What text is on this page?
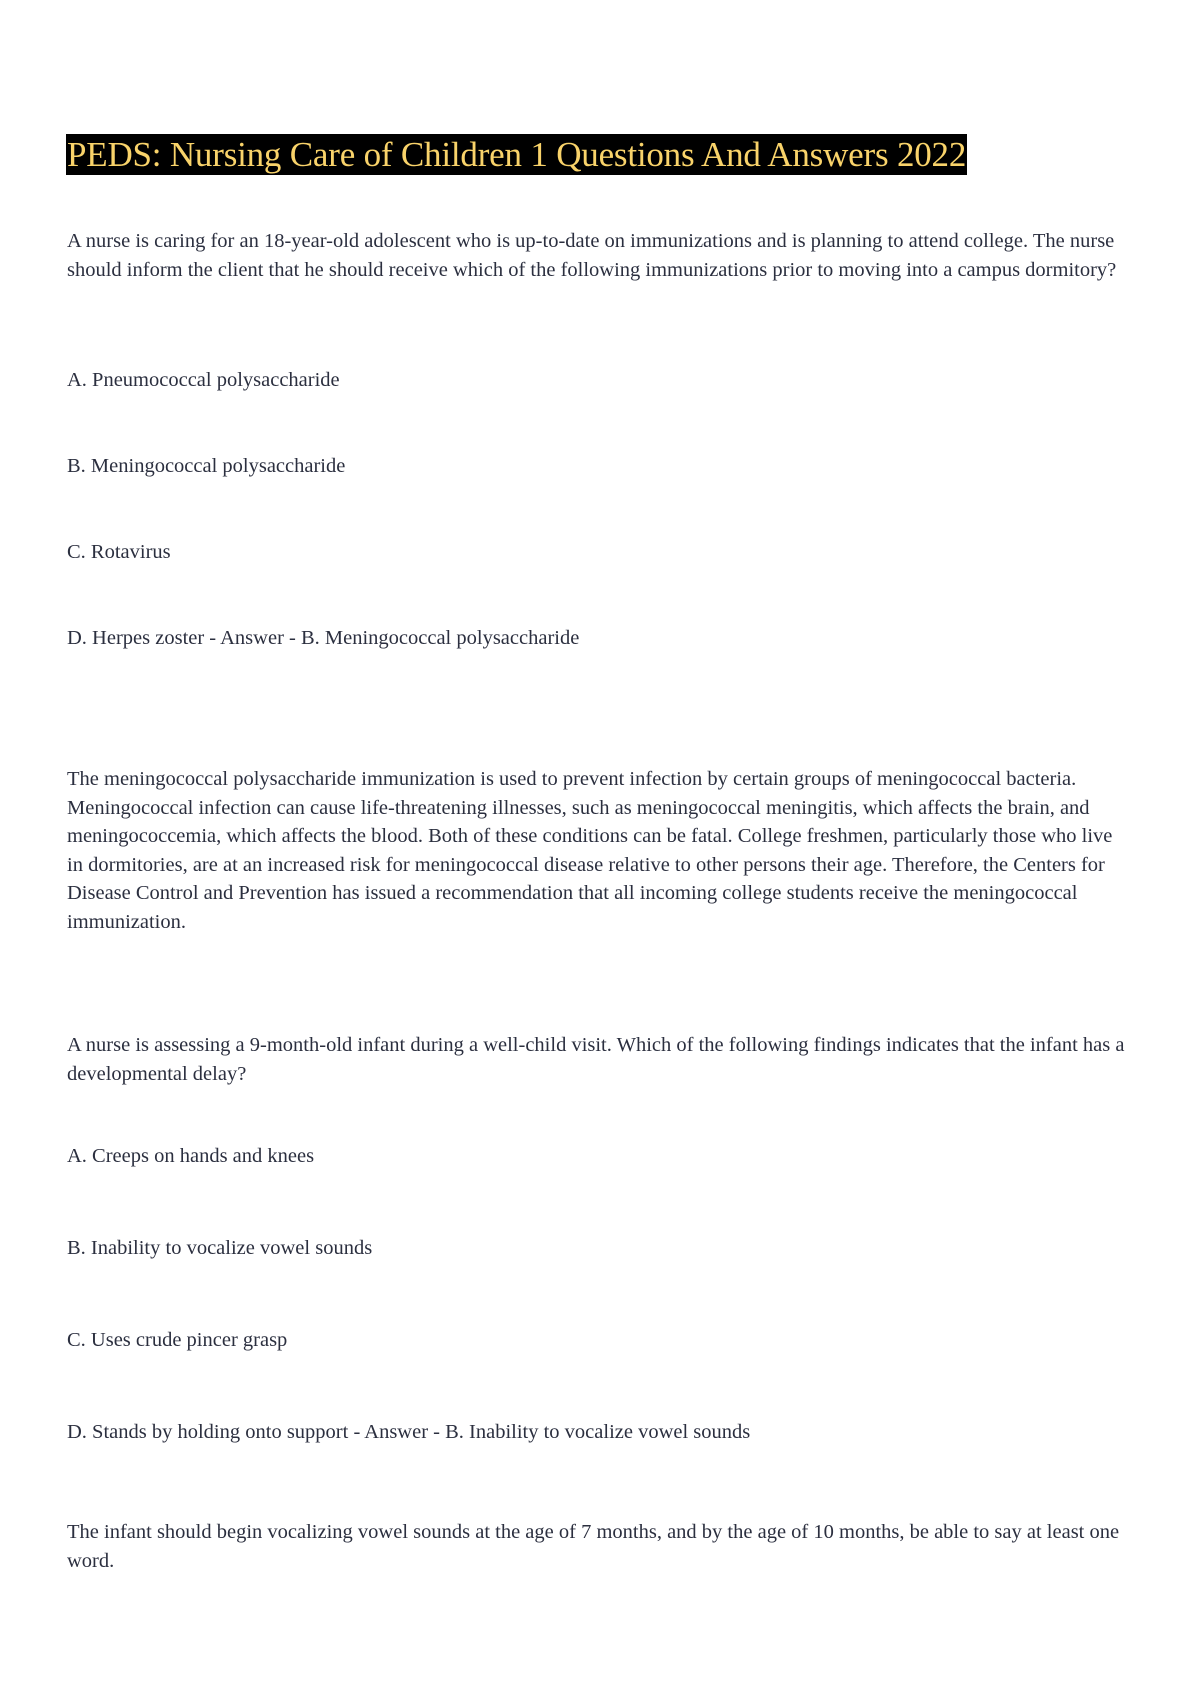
PEDS: Nursing Care of Children 1 Questions And Answers 2022

A nurse is caring for an 18-year-old adolescent who is up-to-date on immunizations and is planning to attend college. The nurse should inform the client that he should receive which of the following immunizations prior to moving into a campus dormitory?

A. Pneumococcal polysaccharide

B. Meningococcal polysaccharide

C. Rotavirus

D. Herpes zoster - Answer - B. Meningococcal polysaccharide

The meningococcal polysaccharide immunization is used to prevent infection by certain groups of meningococcal bacteria. Meningococcal infection can cause life-threatening illnesses, such as meningococcal meningitis, which affects the brain, and meningococcemia, which affects the blood. Both of these conditions can be fatal. College freshmen, particularly those who live in dormitories, are at an increased risk for meningococcal disease relative to other persons their age. Therefore, the Centers for Disease Control and Prevention has issued a recommendation that all incoming college students receive the meningococcal immunization.

A nurse is assessing a 9-month-old infant during a well-child visit. Which of the following findings indicates that the infant has a developmental delay?

A. Creeps on hands and knees

B. Inability to vocalize vowel sounds

C. Uses crude pincer grasp

D. Stands by holding onto support - Answer - B. Inability to vocalize vowel sounds

The infant should begin vocalizing vowel sounds at the age of 7 months, and by the age of 10 months, be able to say at least one word.
